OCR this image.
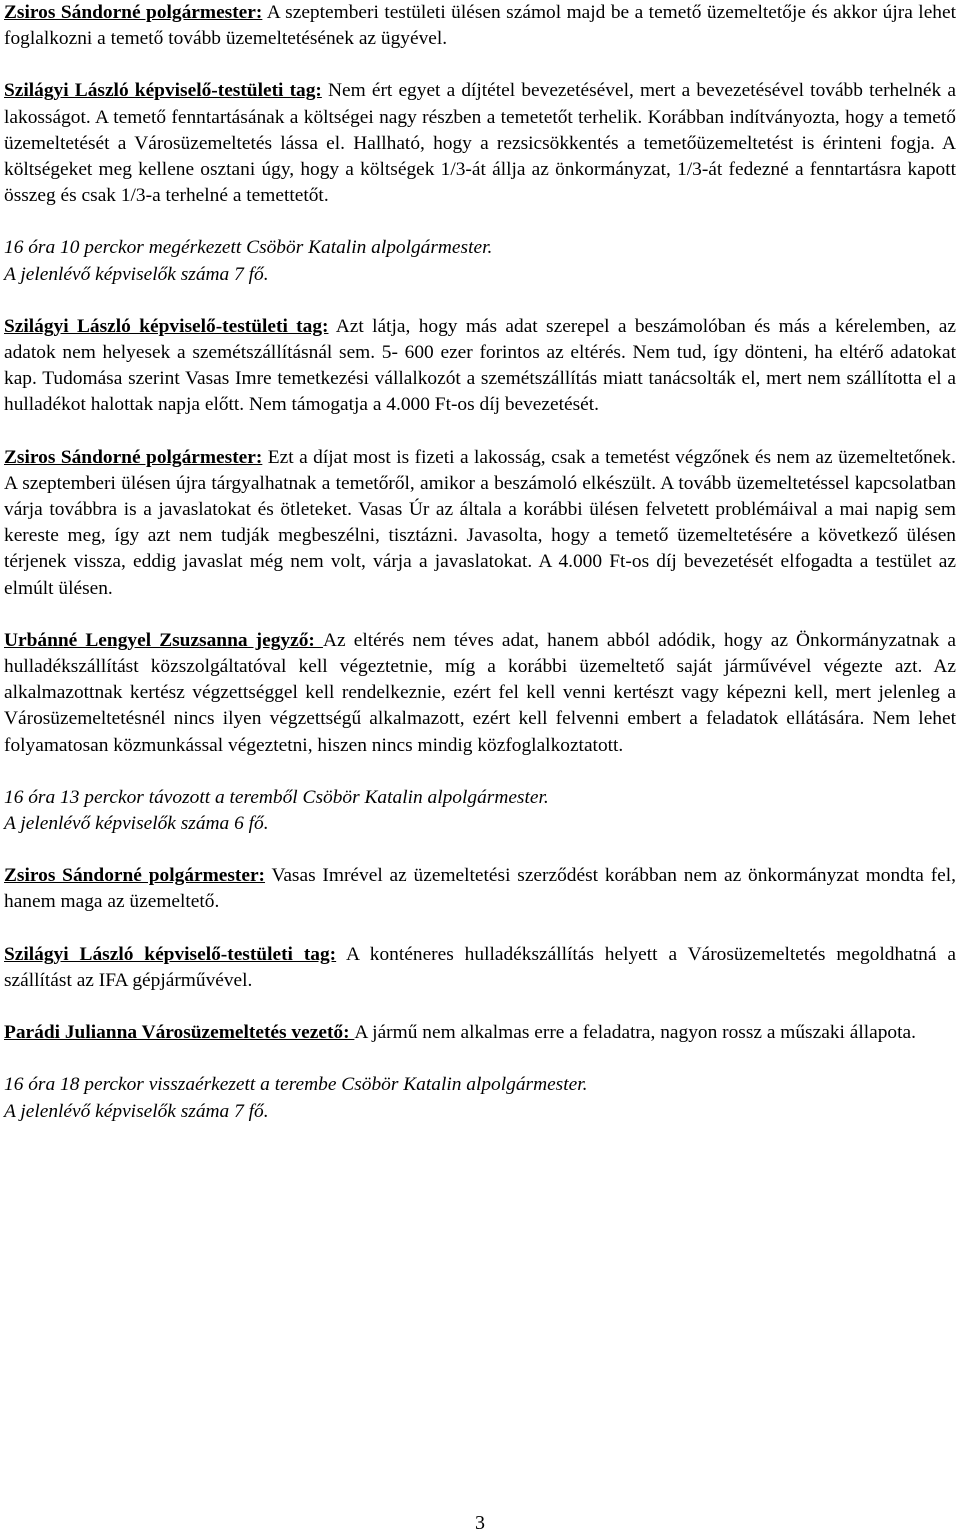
Zsiros Sándorné polgármester: A szeptemberi testületi ülésen számol majd be a temető üzemeltetője és akkor újra lehet foglalkozni a temető tovább üzemeltetésének az ügyével.

Szilágyi László képviselő-testületi tag: Nem ért egyet a díjtétel bevezetésével, mert a bevezetésével tovább terhelnék a lakosságot. A temető fenntartásának a költségei nagy részben a temetetőt terhelik. Korábban indítványozta, hogy a temető üzemeltetését a Városüzemeltetés lássa el. Hallható, hogy a rezsicsökkentés a temetőüzemeltetést is érinteni fogja. A költségeket meg kellene osztani úgy, hogy a költségek 1/3-át állja az önkormányzat, 1/3-át fedezné a fenntartásra kapott összeg és csak 1/3-a terhelné a temettetőt.

16 óra 10 perckor megérkezett Csöbör Katalin alpolgármester.
A jelenlévő képviselők száma 7 fő.

Szilágyi László képviselő-testületi tag: Azt látja, hogy más adat szerepel a beszámolóban és más a kérelemben, az adatok nem helyesek a szemétszállításnál sem. 5- 600 ezer forintos az eltérés. Nem tud, így dönteni, ha eltérő adatokat kap. Tudomása szerint Vasas Imre temetkezési vállalkozót a szemétszállítás miatt tanácsolták el, mert nem szállította el a hulladékot halottak napja előtt. Nem támogatja a 4.000 Ft-os díj bevezetését.

Zsiros Sándorné polgármester: Ezt a díjat most is fizeti a lakosság, csak a temetést végzőnek és nem az üzemeltetőnek. A szeptemberi ülésen újra tárgyalhatnak a temetőről, amikor a beszámoló elkészült. A tovább üzemeltetéssel kapcsolatban várja továbbra is a javaslatokat és ötleteket. Vasas Úr az általa a korábbi ülésen felvetett problémáival a mai napig sem kereste meg, így azt nem tudják megbeszélni, tisztázni. Javasolta, hogy a temető üzemeltetésére a következő ülésen térjenek vissza, eddig javaslat még nem volt, várja a javaslatokat. A 4.000 Ft-os díj bevezetését elfogadta a testület az elmúlt ülésen.

Urbánné Lengyel Zsuzsanna jegyző: Az eltérés nem téves adat, hanem abból adódik, hogy az Önkormányzatnak a hulladékszállítást közszolgáltatóval kell végeztetnie, míg a korábbi üzemeltető saját járművével végezte azt. Az alkalmazottnak kertész végzettséggel kell rendelkeznie, ezért fel kell venni kertészt vagy képezni kell, mert jelenleg a Városüzemeltetésnél nincs ilyen végzettségű alkalmazott, ezért kell felvenni embert a feladatok ellátására. Nem lehet folyamatosan közmunkással végeztetni, hiszen nincs mindig közfoglalkoztatott.

16 óra 13 perckor távozott a teremből Csöbör Katalin alpolgármester.
A jelenlévő képviselők száma 6 fő.

Zsiros Sándorné polgármester: Vasas Imrével az üzemeltetési szerződést korábban nem az önkormányzat mondta fel, hanem maga az üzemeltető.

Szilágyi László képviselő-testületi tag: A konténeres hulladékszállítás helyett a Városüzemeltetés megoldhatná a szállítást az IFA gépjárművével.

Parádi Julianna Városüzemeltetés vezető: A jármű nem alkalmas erre a feladatra, nagyon rossz a műszaki állapota.

16 óra 18 perckor visszaérkezett a terembe Csöbör Katalin alpolgármester.
A jelenlévő képviselők száma 7 fő.

3
